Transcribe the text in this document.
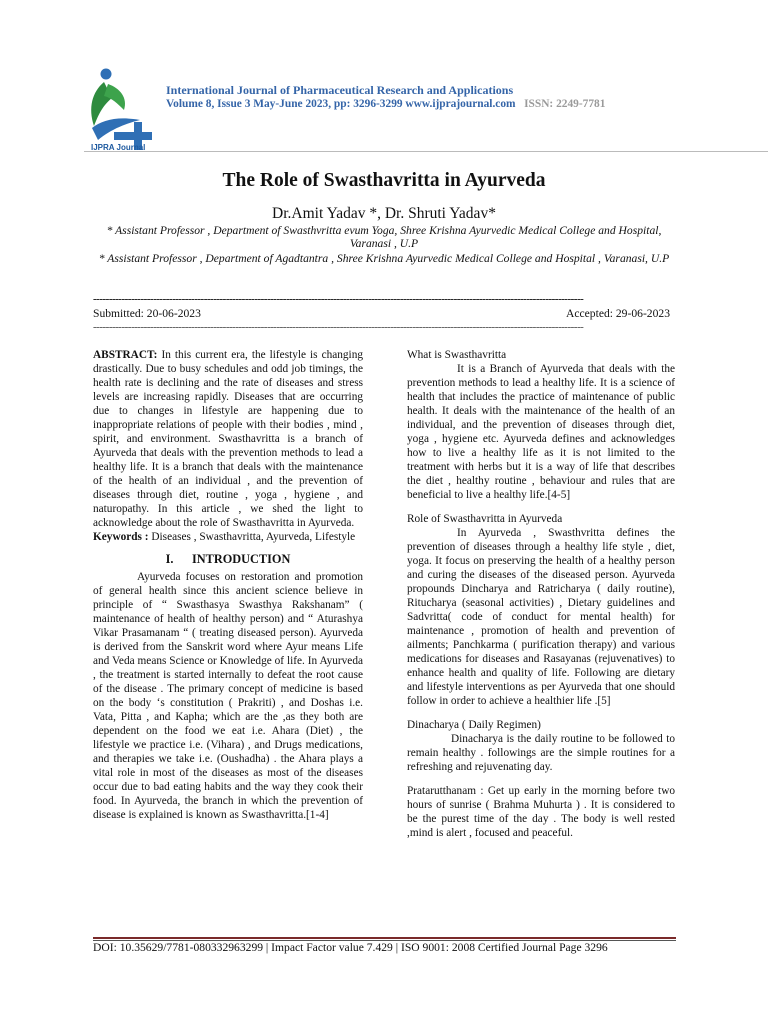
IJPRA Journal
International Journal of Pharmaceutical Research and Applications
Volume 8, Issue 3 May-June 2023, pp: 3296-3299 www.ijprajournal.com ISSN: 2249-7781
The Role of Swasthavritta in Ayurveda
Dr.Amit Yadav *, Dr. Shruti Yadav*
* Assistant Professor , Department of Swasthvritta evum Yoga, Shree Krishna Ayurvedic Medical College and Hospital, Varanasi , U.P
* Assistant Professor , Department of Agadtantra , Shree Krishna Ayurvedic Medical College and Hospital , Varanasi, U.P
-----------------------------------------------------------------------------------------------------------------------------------------------------------
Submitted: 20-06-2023	Accepted: 29-06-2023
-----------------------------------------------------------------------------------------------------------------------------------------------------------

ABSTRACT: In this current era, the lifestyle is changing drastically. Due to busy schedules and odd job timings, the health rate is declining and the rate of diseases and stress levels are increasing rapidly. Diseases that are occurring due to changes in lifestyle are happening due to inappropriate relations of people with their bodies , mind , spirit, and environment. Swasthavritta is a branch of Ayurveda that deals with the prevention methods to lead a healthy life. It is a branch that deals with the maintenance of the health of an individual , and the prevention of diseases through diet, routine , yoga , hygiene , and naturopathy. In this article , we shed the light to acknowledge about the role of Swasthavritta in Ayurveda.

Keywords : Diseases , Swasthavritta, Ayurveda, Lifestyle

I.      INTRODUCTION

Ayurveda focuses on restoration and promotion of general health since this ancient science believe in principle of “ Swasthasya Swasthya Rakshanam” ( maintenance of health of healthy person) and “ Aturashya Vikar Prasamanam “ ( treating diseased person). Ayurveda is derived from the Sanskrit word where Ayur means Life and Veda means Science or Knowledge of life. In Ayurveda , the treatment is started internally to defeat the root cause of the disease . The primary concept of medicine is based on the body ‘s constitution ( Prakriti) , and Doshas i.e. Vata, Pitta , and Kapha; which are the ,as they both are dependent on the food we eat i.e. Ahara (Diet) , the lifestyle we practice i.e. (Vihara) , and Drugs medications, and therapies we take i.e. (Oushadha) . the Ahara plays a vital role in most of the diseases as most of the diseases occur due to bad eating habits and the way they cook their food. In Ayurveda, the branch in which the prevention of disease is explained is known as Swasthavritta.[1-4]

What is Swasthavritta

It is a Branch of Ayurveda that deals with the prevention methods to lead a healthy life. It is a science of health that includes the practice of maintenance of public health. It deals with the maintenance of the health of an individual, and the prevention of diseases through diet, yoga , hygiene etc. Ayurveda defines and acknowledges how to live a healthy life as it is not limited to the treatment with herbs but it is a way of life that describes the diet , healthy routine , behaviour and rules that are beneficial to live a healthy life.[4-5]

Role of Swasthavritta in Ayurveda

In Ayurveda , Swasthvritta defines the prevention of diseases through a healthy life style , diet, yoga. It focus on preserving the health of a healthy person and curing the diseases of the diseased person. Ayurveda propounds Dincharya and Ratricharya ( daily routine), Ritucharya (seasonal activities) , Dietary guidelines and Sadvritta( code of conduct for mental health) for maintenance , promotion of health and prevention of ailments; Panchkarma ( purification therapy) and various medications for diseases and Rasayanas (rejuvenatives) to enhance health and quality of life. Following are dietary and lifestyle interventions as per Ayurveda that one should follow in order to achieve a healthier life .[5]

Dinacharya ( Daily Regimen)

Dinacharya is the daily routine to be followed to remain healthy . followings are the simple routines for a refreshing and rejuvenating day.

Pratarutthanam : Get up early in the morning before two hours of sunrise ( Brahma Muhurta ) . It is considered to be the purest time of the day . The body is well rested ,mind is alert , focused and peaceful.

DOI: 10.35629/7781-080332963299 | Impact Factor value 7.429 | ISO 9001: 2008 Certified Journal Page 3296
